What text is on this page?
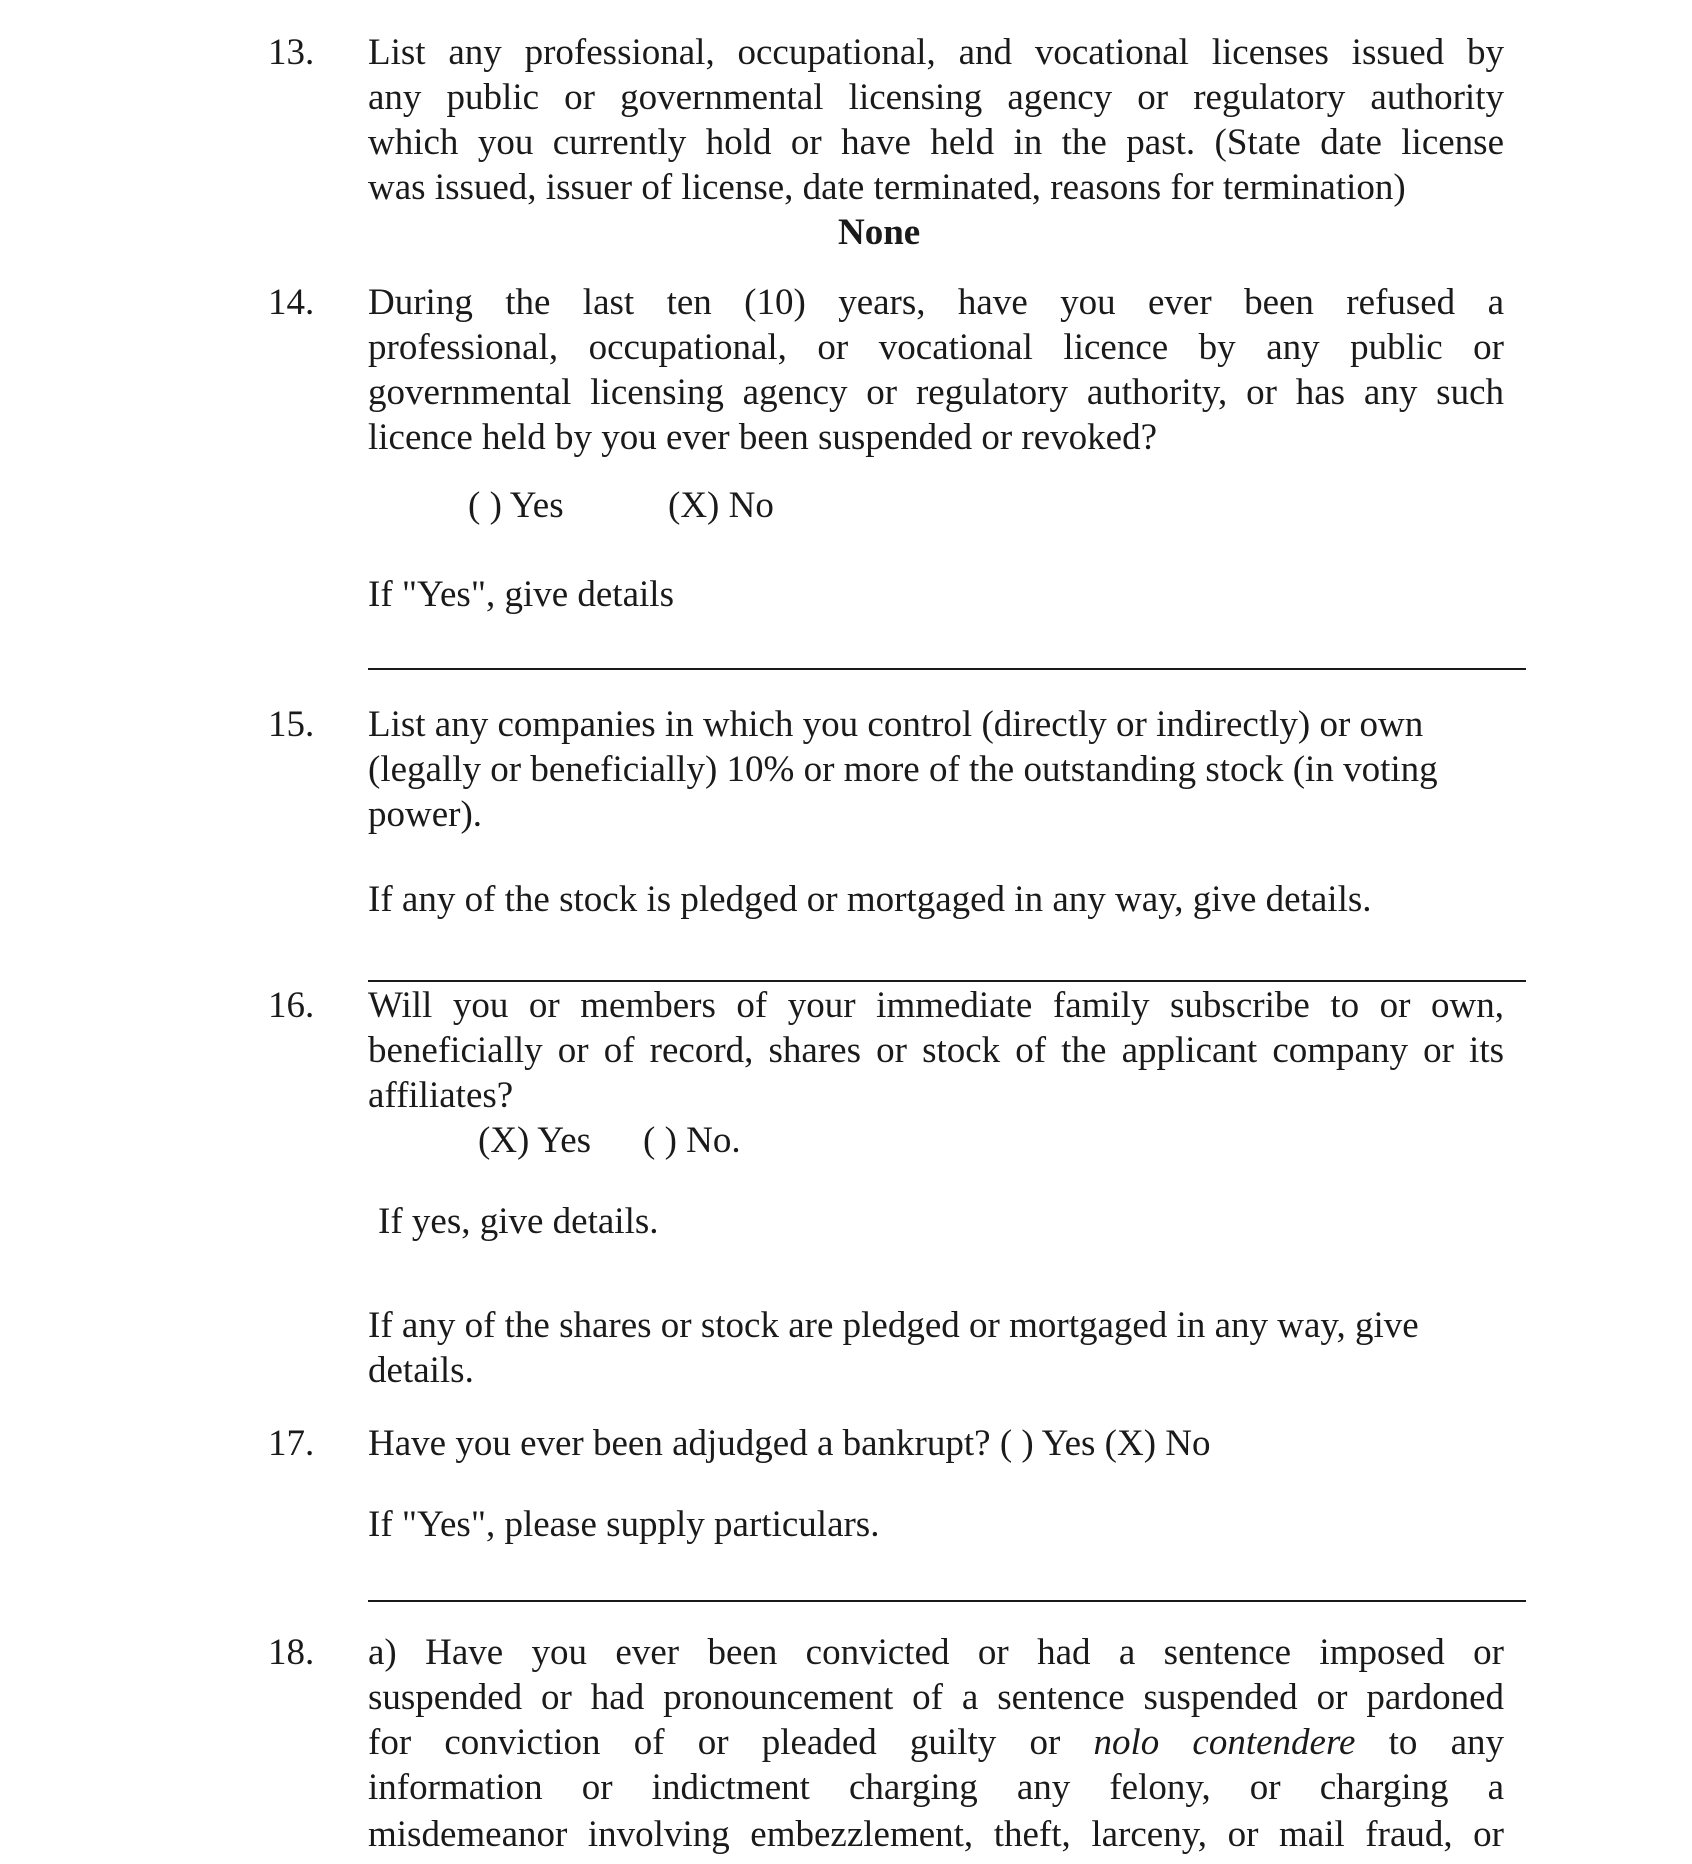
13. List any professional, occupational, and vocational licenses issued by
any public or governmental licensing agency or regulatory authority
which you currently hold or have held in the past. (State date license
was issued, issuer of license, date terminated, reasons for termination)
None
14. During the last ten (10) years, have you ever been refused a
professional, occupational, or vocational licence by any public or
governmental licensing agency or regulatory authority, or has any such
licence held by you ever been suspended or revoked?
( ) Yes	(X) No
If "Yes", give details
15. List any companies in which you control (directly or indirectly) or own
(legally or beneficially) 10% or more of the outstanding stock (in voting
power).
If any of the stock is pledged or mortgaged in any way, give details.
16. Will you or members of your immediate family subscribe to or own,
beneficially or of record, shares or stock of the applicant company or its
affiliates?
(X) Yes ( ) No.
If yes, give details.
If any of the shares or stock are pledged or mortgaged in any way, give
details.
17. Have you ever been adjudged a bankrupt? ( ) Yes (X) No
If "Yes", please supply particulars.
18. a) Have you ever been convicted or had a sentence imposed or
suspended or had pronouncement of a sentence suspended or pardoned
for conviction of or pleaded guilty or nolo contendere to any
information or indictment charging any felony, or charging a
misdemeanor involving embezzlement, theft, larceny, or mail fraud, or
